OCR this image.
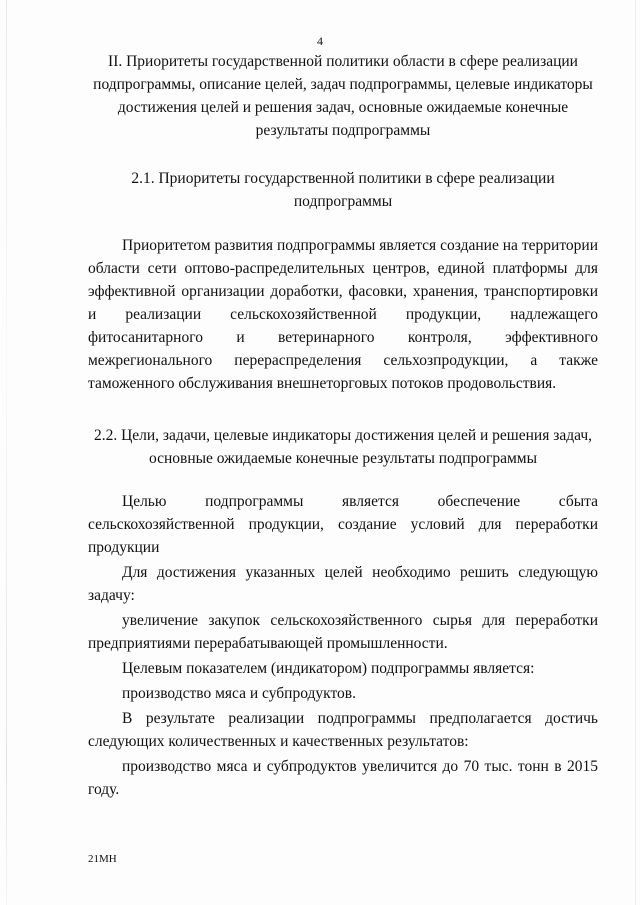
4
II. Приоритеты государственной политики области в сфере реализации подпрограммы, описание целей, задач подпрограммы, целевые индикаторы достижения целей и решения задач, основные ожидаемые конечные результаты подпрограммы
2.1. Приоритеты государственной политики в сфере реализации подпрограммы

Приоритетом развития подпрограммы является создание на территории области сети оптово-распределительных центров, единой платформы для эффективной организации доработки, фасовки, хранения, транспортировки и реализации сельскохозяйственной продукции, надлежащего фитосанитарного и ветеринарного контроля, эффективного межрегионального перераспределения сельхозпродукции, а также таможенного обслуживания внешнеторговых потоков продовольствия.

2.2. Цели, задачи, целевые индикаторы достижения целей и решения задач, основные ожидаемые конечные результаты подпрограммы

Целью подпрограммы является обеспечение сбыта сельскохозяйственной продукции, создание условий для переработки продукции

Для достижения указанных целей необходимо решить следующую задачу:

увеличение закупок сельскохозяйственного сырья для переработки предприятиями перерабатывающей промышленности.

Целевым показателем (индикатором) подпрограммы является:

производство мяса и субпродуктов.

В результате реализации подпрограммы предполагается достичь следующих количественных и качественных результатов:

производство мяса и субпродуктов увеличится до 70 тыс. тонн в 2015 году.

21МН
